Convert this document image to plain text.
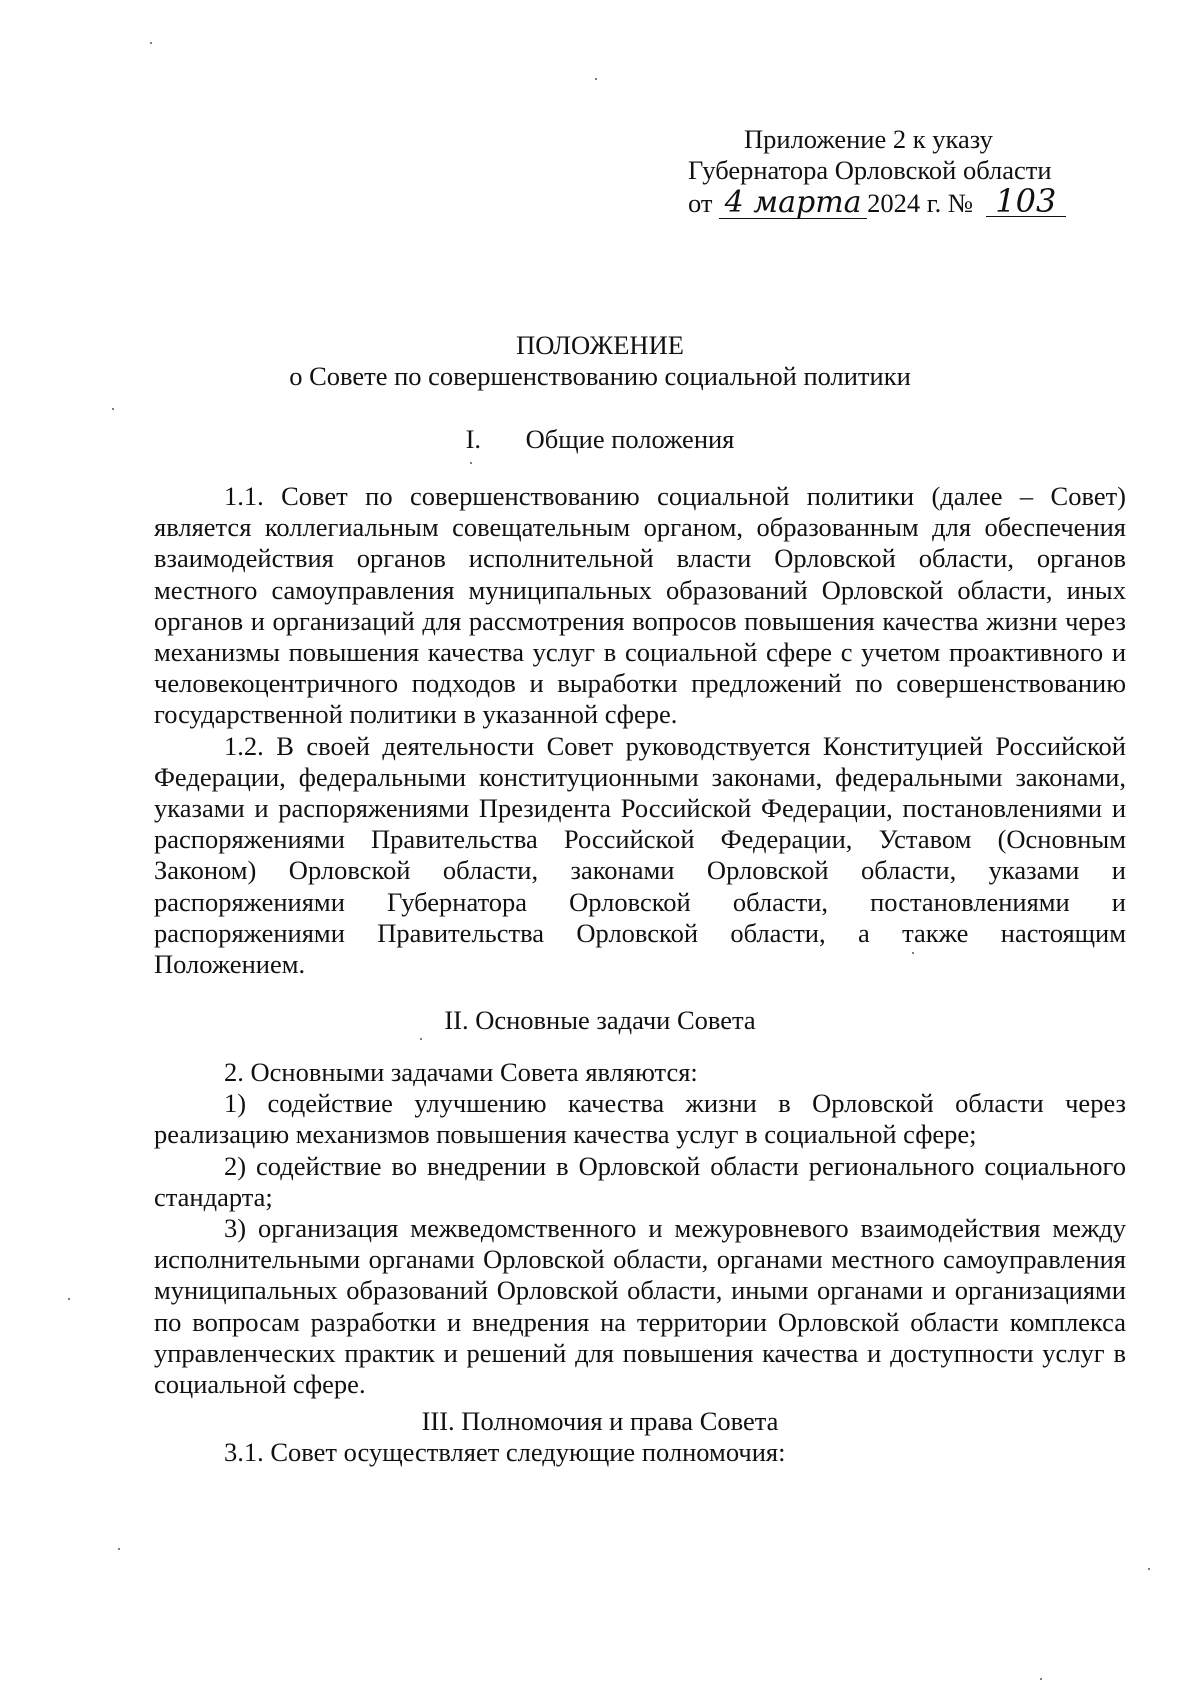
Приложение 2 к указу
Губернатора Орловской области
от 4 марта 2024 г. № 103
ПОЛОЖЕНИЕ
о Совете по совершенствованию социальной политики
I. Общие положения

1.1. Совет по совершенствованию социальной политики (далее – Совет) является коллегиальным совещательным органом, образованным для обеспечения взаимодействия органов исполнительной власти Орловской области, органов местного самоуправления муниципальных образований Орловской области, иных органов и организаций для рассмотрения вопросов повышения качества жизни через механизмы повышения качества услуг в социальной сфере с учетом проактивного и человекоцентричного подходов и выработки предложений по совершенствованию государственной политики в указанной сфере.

1.2. В своей деятельности Совет руководствуется Конституцией Российской Федерации, федеральными конституционными законами, федеральными законами, указами и распоряжениями Президента Российской Федерации, постановлениями и распоряжениями Правительства Российской Федерации, Уставом (Основным Законом) Орловской области, законами Орловской области, указами и распоряжениями Губернатора Орловской области, постановлениями и распоряжениями Правительства Орловской области, а также настоящим Положением.

II. Основные задачи Совета

2. Основными задачами Совета являются:

1) содействие улучшению качества жизни в Орловской области через реализацию механизмов повышения качества услуг в социальной сфере;

2) содействие во внедрении в Орловской области регионального социального стандарта;

3) организация межведомственного и межуровневого взаимодействия между исполнительными органами Орловской области, органами местного самоуправления муниципальных образований Орловской области, иными органами и организациями по вопросам разработки и внедрения на территории Орловской области комплекса управленческих практик и решений для повышения качества и доступности услуг в социальной сфере.

III. Полномочия и права Совета

3.1. Совет осуществляет следующие полномочия:
